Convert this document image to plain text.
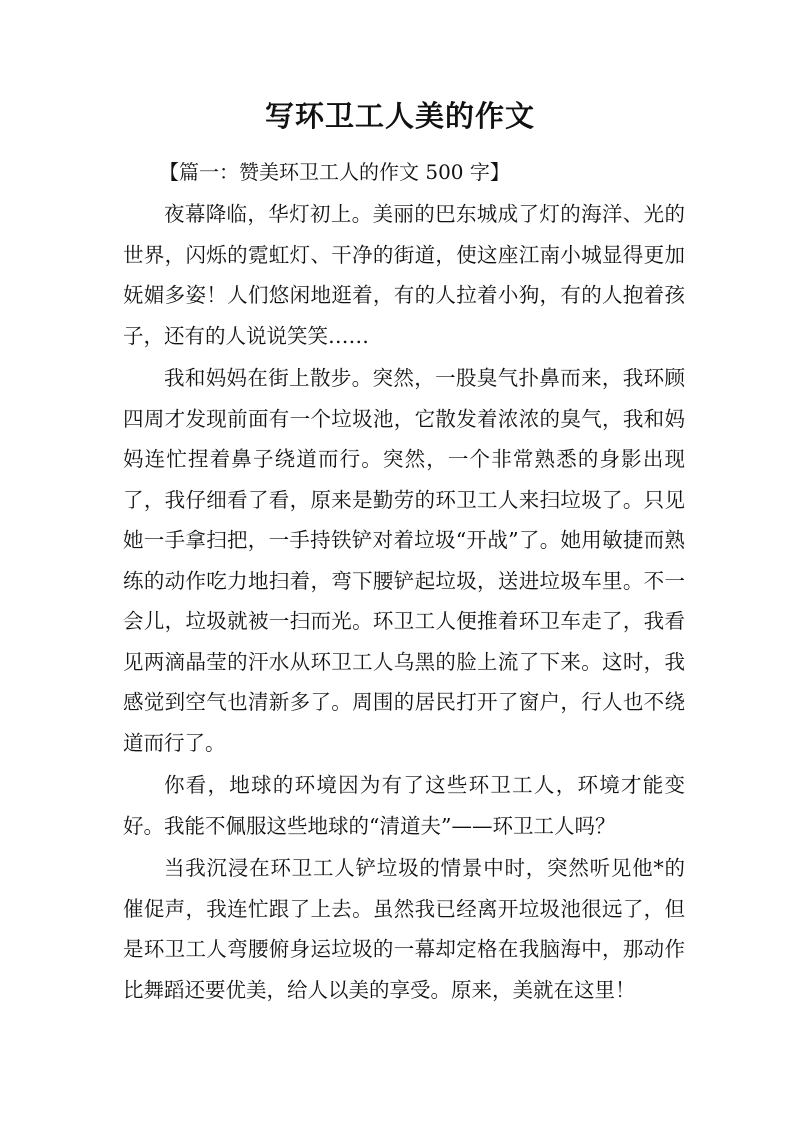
写环卫工人美的作文

【篇一：赞美环卫工人的作文 500 字】

夜幕降临，华灯初上。美丽的巴东城成了灯的海洋、光的世界，闪烁的霓虹灯、干净的街道，使这座江南小城显得更加妩媚多姿！人们悠闲地逛着，有的人拉着小狗，有的人抱着孩子，还有的人说说笑笑……

我和妈妈在街上散步。突然，一股臭气扑鼻而来，我环顾四周才发现前面有一个垃圾池，它散发着浓浓的臭气，我和妈妈连忙捏着鼻子绕道而行。突然，一个非常熟悉的身影出现了，我仔细看了看，原来是勤劳的环卫工人来扫垃圾了。只见她一手拿扫把，一手持铁铲对着垃圾“开战”了。她用敏捷而熟练的动作吃力地扫着，弯下腰铲起垃圾，送进垃圾车里。不一会儿，垃圾就被一扫而光。环卫工人便推着环卫车走了，我看见两滴晶莹的汗水从环卫工人乌黑的脸上流了下来。这时，我感觉到空气也清新多了。周围的居民打开了窗户，行人也不绕道而行了。

你看，地球的环境因为有了这些环卫工人，环境才能变好。我能不佩服这些地球的“清道夫”——环卫工人吗？

当我沉浸在环卫工人铲垃圾的情景中时，突然听见他*的催促声，我连忙跟了上去。虽然我已经离开垃圾池很远了，但是环卫工人弯腰俯身运垃圾的一幕却定格在我脑海中，那动作比舞蹈还要优美，给人以美的享受。原来，美就在这里！
